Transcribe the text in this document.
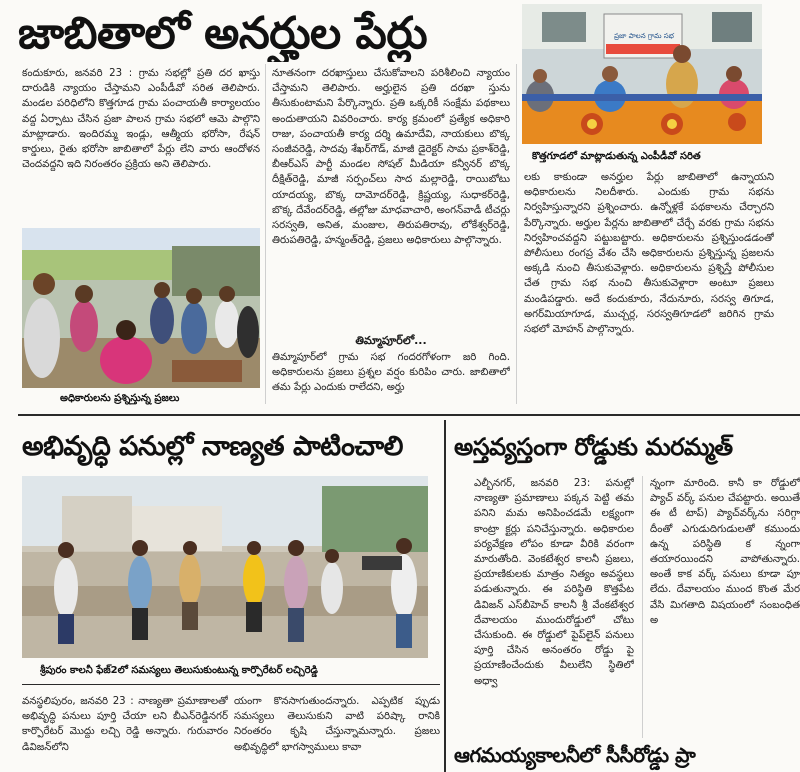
జాబితాలో అనర్హుల పేర్లు	ప్రజా పాలన గ్రామ సభ
కొత్తగూడలో మాట్లాడుతున్న ఎంపీడీవో సరిత
కందుకూరు, జనవరి 23 : గ్రామ సభల్లో ప్రతి దర ఖాస్తు దారుడికి న్యాయం చేస్తామని ఎంపీడీవో సరిత తెలిపారు. మండల పరిధిలోని కొత్తగూడ గ్రామ పంచాయతీ కార్యాలయం వద్ద ఏర్పాటు చేసిన ప్రజా పాలన గ్రామ సభలో ఆమె పాల్గొని మాట్లాడారు. ఇందిరమ్మ ఇండ్లు, ఆత్మీయ భరోసా, రేషన్ కార్డులు, రైతు భరోసా జాబితాలో పేర్లు లేని వారు ఆందోళన చెందవద్దని ఇది నిరంతరం ప్రక్రియ అని తెలిపారు.
అధికారులను ప్రశ్నిస్తున్న ప్రజలు
నూతనంగా దరఖాస్తులు చేసుకోవాలని పరిశీలించి న్యాయం చేస్తామని తెలిపారు. అర్హులైన ప్రతి దరఖా స్తును తీసుకుంటామని పేర్కొన్నారు. ప్రతి ఒక్కరికీ సంక్షేమ పథకాలు అందుతాయని వివరించారు. కార్య క్రమంలో ప్రత్యేక అధికారి రాజు, పంచాయతీ కార్య దర్శి ఉమాదేవి, నాయకులు బొక్క సంజీవరెడ్డి, సాదవు శేఖర్‌గౌడ్, మాజీ డైరెక్టర్ సామ ప్రకాశ్‌రెడ్డి, బీఆర్‌ఎస్ పార్టీ మండల సోషల్ మీడియా కన్వీనర్ బొక్క దీక్షిత్‌రెడ్డి, మాజీ సర్పంచ్‌లు సాద మల్లారెడ్డి, రాయిబోటు యాదయ్య, బొక్క దామోదర్‌రెడ్డి, క్రిష్ణయ్య, సుధాకర్‌రెడ్డి, బొక్క దేవేందర్‌రెడ్డి, తల్లోజు మాధవాచారి, అంగన్‌వాడీ టీచర్లు సరస్వతి, అనిత, మంజుల, తిరుపతిరావు, లోకేశ్వర్‌రెడ్డి, తిరుపతిరెడ్డి, హన్మంత్‌రెడ్డి, ప్రజలు అధికారులు పాల్గొన్నారు.
తిమ్మాపూర్‌లో...
తిమ్మాపూర్‌లో గ్రామ సభ గందరగోళంగా జరి గింది. అధికారులను ప్రజలు ప్రశ్నల వర్షం కురిపిం చారు. జాబితాలో తమ పేర్లు ఎందుకు రాలేదని, అర్హు
లకు కాకుండా అనర్హుల పేర్లు జాబితాలో ఉన్నాయని అధికారులను నిలదీశారు. ఎందుకు గ్రామ సభను నిర్వహిస్తున్నారని ప్రశ్నించారు. ఉన్నోళ్లకే పథకాలను చేర్చారని పేర్కొన్నారు. అర్హుల పేర్లను జాబితాలో చేర్చే వరకు గ్రామ సభను నిర్వహించవద్దని పట్టుబట్టారు. అధికారులను ప్రశ్నిస్తుండడంతో పోలీసులు రంగప్ర వేశం చేసి అధికారులను ప్రశ్నిస్తున్న ప్రజలను అక్కడి నుంచి తీసుకువెళ్లారు. అధికారులను ప్రశ్నిస్తే పోలీసుల చేత గ్రామ సభ నుంచి తీసుకువెళ్లారా అంటూ ప్రజలు మండిపడ్డారు. అదే కందుకూరు, నేదునూరు, సరస్వ తిగూడ, అగర్‌మియాగూడ, ముచ్చర్ల, సరస్వతిగూడలో జరిగిన గ్రామ సభలో మోహన్ పాల్గొన్నారు.
అభివృద్ధి పనుల్లో నాణ్యత పాటించాలి
శ్రీపురం కాలనీ ఫేజ్2లో సమస్యలు తెలుసుకుంటున్న కార్పొరేటర్ లచ్చిరెడ్డి
వనస్థలిపురం, జనవరి 23 : నాణ్యతా ప్రమాణాలతో అభివృద్ధి పనులు పూర్తి చేయా లని బీఎన్‌రెడ్డినగర్ కార్పొరేటర్ మొద్దు లచ్చి రెడ్డి అన్నారు. గురువారం డివిజన్‌లోని
యంగా కొనసాగుతుందన్నారు. ఎప్పటిక ప్పుడు సమస్యలు తెలుసుకుని వాటి పరిష్కా రానికి నిరంతరం కృషి చేస్తున్నామన్నారు. ప్రజలు అభివృద్ధిలో భాగస్వాములు కావా
అస్తవ్యస్తంగా రోడ్డుకు మరమ్మత్
ఎల్బీనగర్, జనవరి 23: పనుల్లో నాణ్యతా ప్రమాణాలు పక్కన పెట్టి తమ పనిని మమ అనిపించడమే లక్ష్యంగా కాంట్రా క్టర్లు పనిచేస్తున్నారు. అధికారుల పర్యవేక్షణ లోపం కూడా వీరికి వరంగా మారుతోంది. వెంకటేశ్వర కాలనీ ప్రజలు, ప్రయాణికులకు మాత్రం నిత్యం అవస్థలు పడుతున్నారు. ఈ పరిస్థితి కొత్తపేట డివిజన్ ఎస్‌బీహెచ్ కాలనీ శ్రీ వేంకటేశ్వర దేవాలయం ముందురోడ్డులో చోటు చేసుకుంది. ఈ రోడ్డులో పైప్‌లైన్ పనులు పూర్తి చేసిన అనంతరం రోడ్డు పై ప్రయాణించేందుకు వీలులేని స్థితిలో అధ్వా
న్నంగా మారింది. కానీ కా రోడ్డులో ప్యాచ్ వర్క్ పనుల చేపట్టారు. అయితే ఈ టీ టాప్) ప్యాచ్‌వర్క్‌ను సరిగ్గా దీంతో ఎగుడుదిగుడులతో కముందు ఉన్న పరిస్థితి క న్నంగా తయారయిందని వాపోతున్నారు. అంతే కాక వర్క్ పనులు కూడా పూ లేదు. దేవాలయం ముంద కొంత మేర వేసి మిగతాది విషయంలో సంబంధిత అ
ఆగమయ్యకాలనీలో సీసీరోడ్డు ప్రా
